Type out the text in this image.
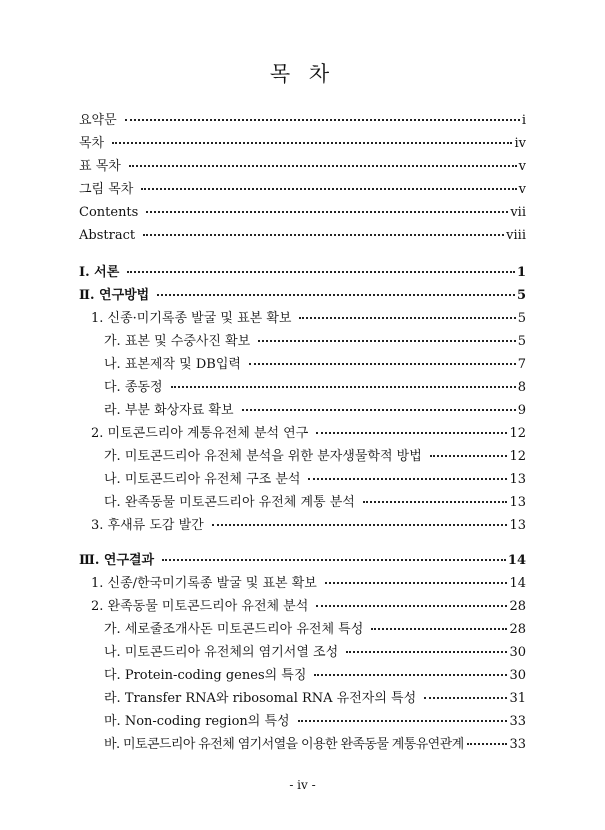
목 차
요약문	i
목차	iv
표 목차	v
그림 목차	v
Contents	vii
Abstract	viii
Ⅰ. 서론	1
Ⅱ. 연구방법	5
1. 신종·미기록종 발굴 및 표본 확보	5
가. 표본 및 수중사진 확보	5
나. 표본제작 및 DB입력	7
다. 종동정	8
라. 부분 화상자료 확보	9
2. 미토콘드리아 계통유전체 분석 연구	12
가. 미토콘드리아 유전체 분석을 위한 분자생물학적 방법	12
나. 미토콘드리아 유전체 구조 분석	13
다. 완족동물 미토콘드리아 유전체 계통 분석	13
3. 후새류 도감 발간	13
Ⅲ. 연구결과	14
1. 신종/한국미기록종 발굴 및 표본 확보	14
2. 완족동물 미토콘드리아 유전체 분석	28
가. 세로줄조개사돈 미토콘드리아 유전체 특성	28
나. 미토콘드리아 유전체의 염기서열 조성	30
다. Protein-coding genes의 특징	30
라. Transfer RNA와 ribosomal RNA 유전자의 특성	31
마. Non-coding region의 특성	33
바. 미토콘드리아 유전체 염기서열을 이용한 완족동물 계통유연관계	33
- iv -
